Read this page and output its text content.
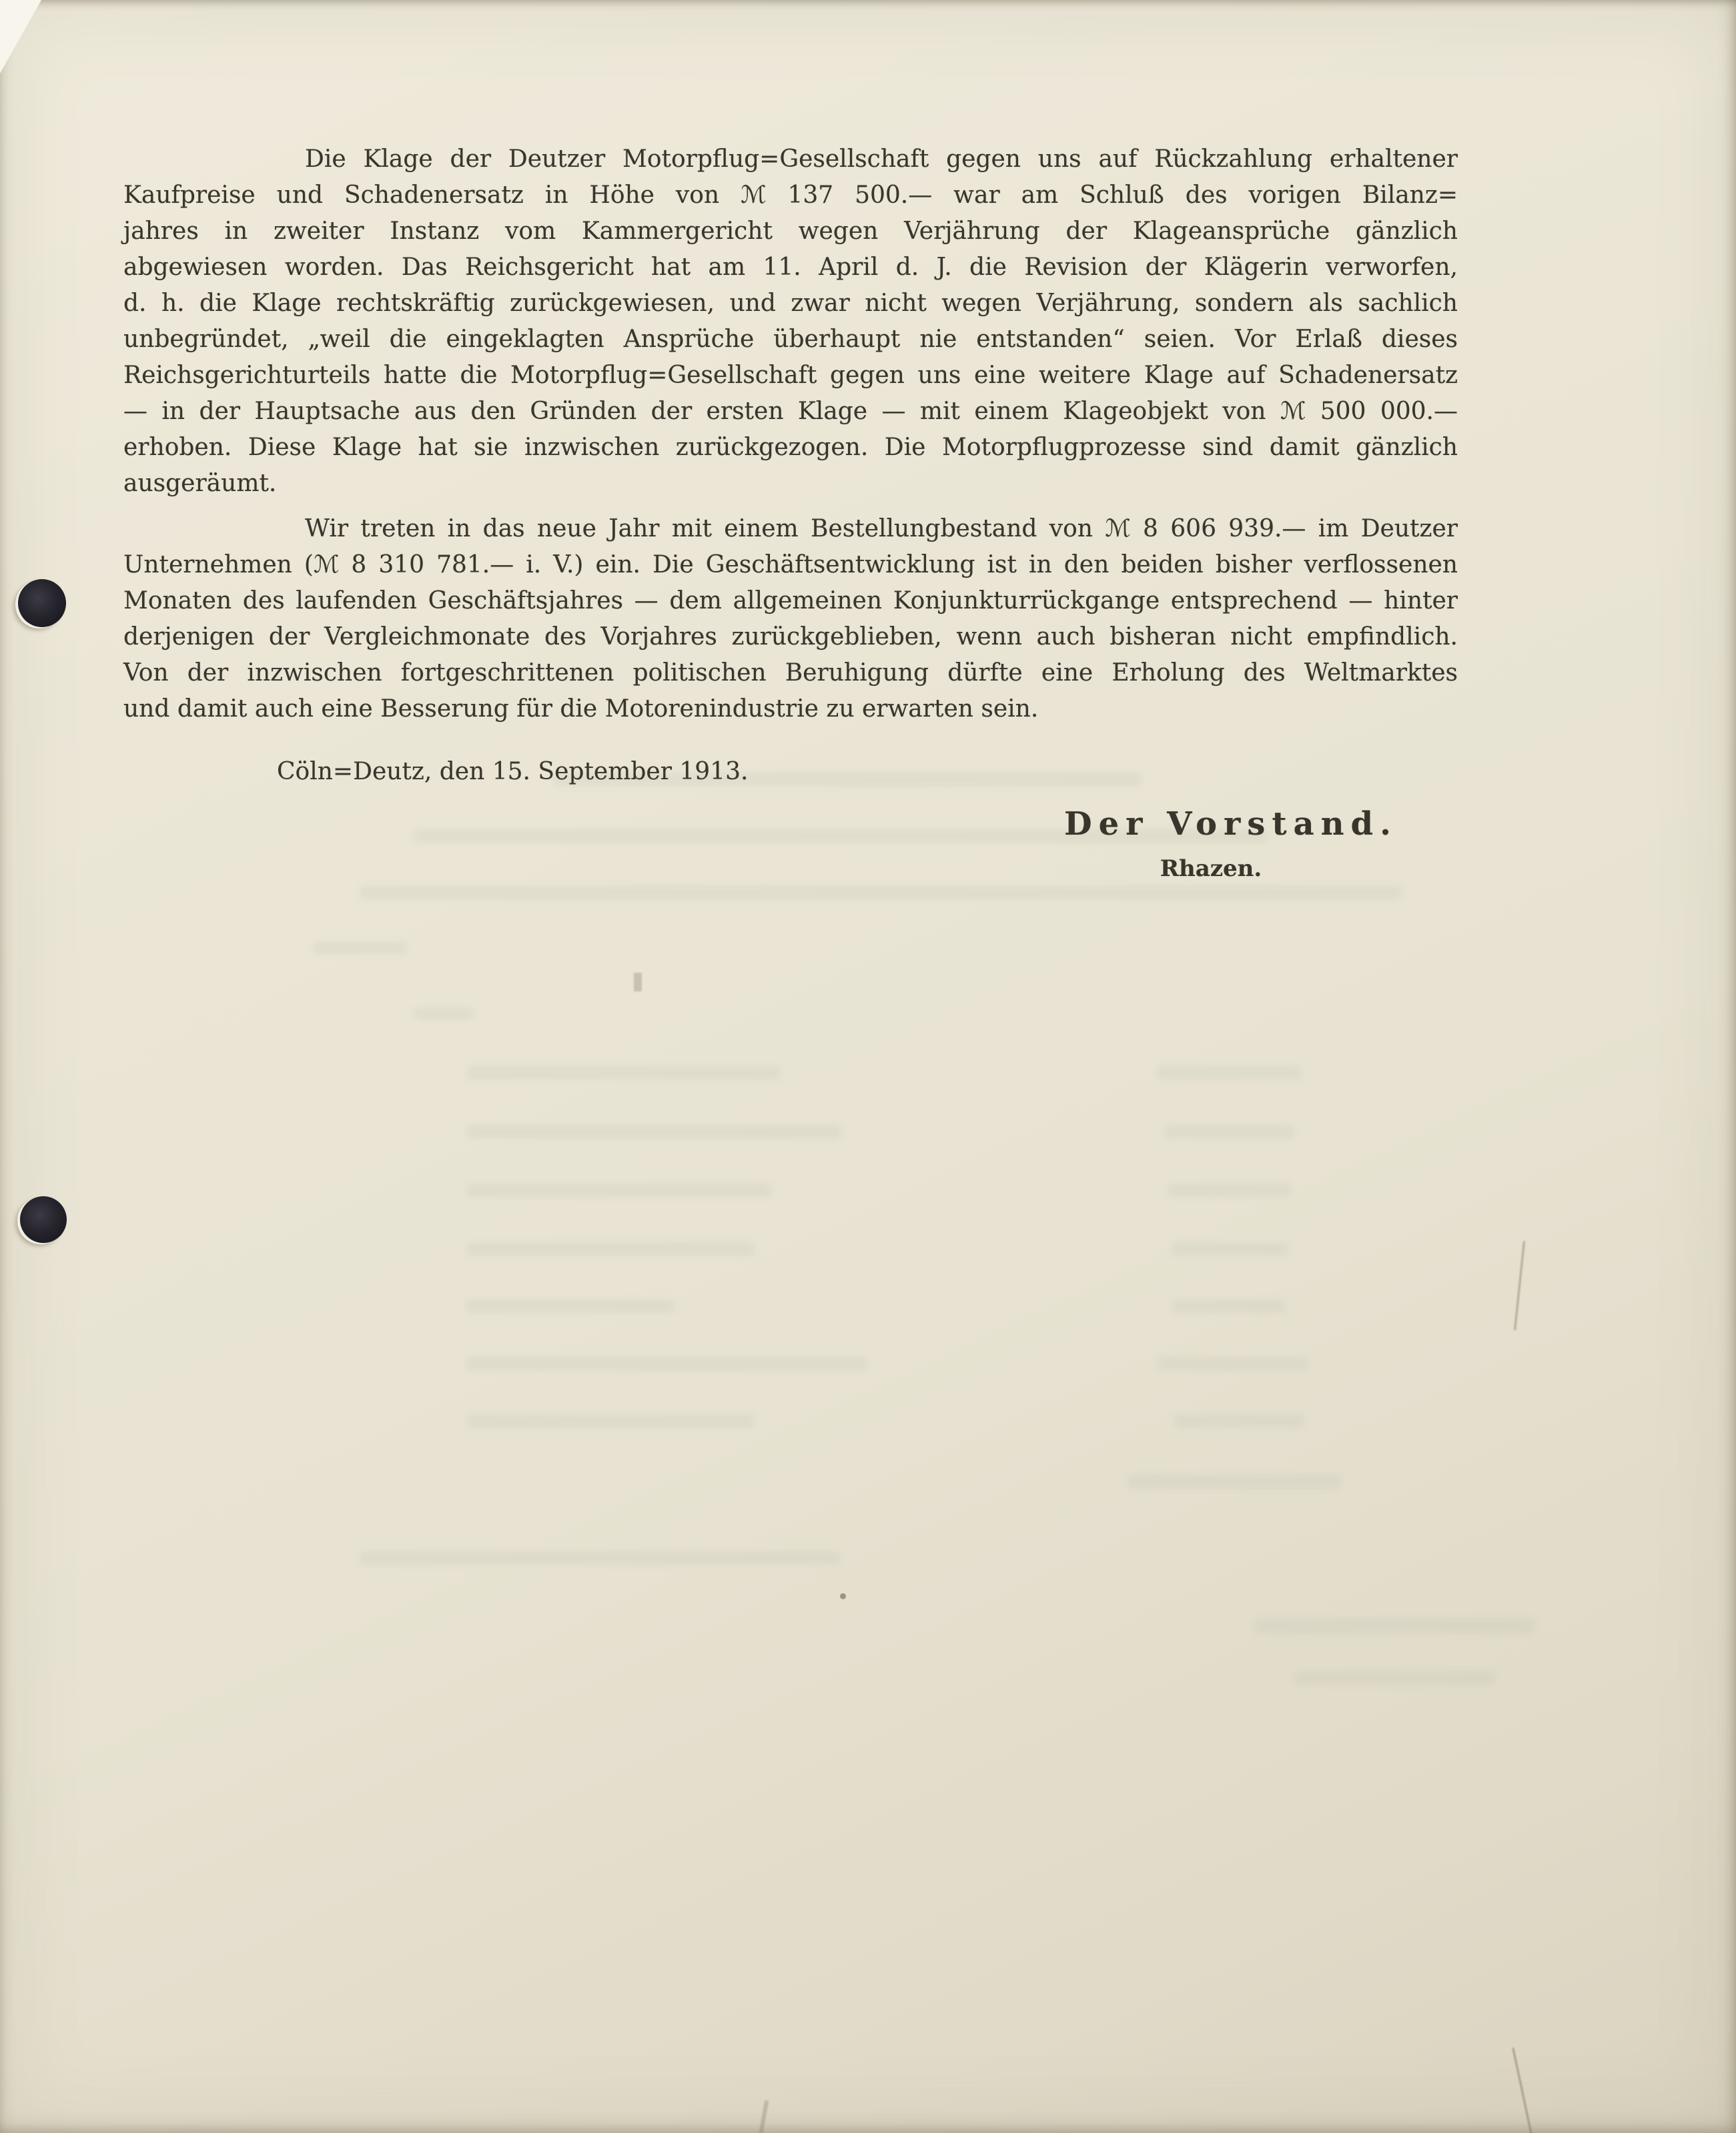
Die Klage der Deutzer Motorpflug=Gesellschaft gegen uns auf Rückzahlung erhaltener
Kaufpreise und Schadenersatz in Höhe von ℳ 137 500.— war am Schluß des vorigen Bilanz=
jahres in zweiter Instanz vom Kammergericht wegen Verjährung der Klageansprüche gänzlich
abgewiesen worden. Das Reichsgericht hat am 11. April d. J. die Revision der Klägerin verworfen,
d. h. die Klage rechtskräftig zurückgewiesen, und zwar nicht wegen Verjährung, sondern als sachlich
unbegründet, „weil die eingeklagten Ansprüche überhaupt nie entstanden“ seien. Vor Erlaß dieses
Reichsgerichturteils hatte die Motorpflug=Gesellschaft gegen uns eine weitere Klage auf Schadenersatz
— in der Hauptsache aus den Gründen der ersten Klage — mit einem Klageobjekt von ℳ 500 000.—
erhoben. Diese Klage hat sie inzwischen zurückgezogen. Die Motorpflugprozesse sind damit gänzlich
ausgeräumt.
Wir treten in das neue Jahr mit einem Bestellungbestand von ℳ 8 606 939.— im Deutzer
Unternehmen (ℳ 8 310 781.— i. V.) ein. Die Geschäftsentwicklung ist in den beiden bisher verflossenen
Monaten des laufenden Geschäftsjahres — dem allgemeinen Konjunkturrückgange entsprechend — hinter
derjenigen der Vergleichmonate des Vorjahres zurückgeblieben, wenn auch bisheran nicht empfindlich.
Von der inzwischen fortgeschrittenen politischen Beruhigung dürfte eine Erholung des Weltmarktes
und damit auch eine Besserung für die Motorenindustrie zu erwarten sein.
Cöln=Deutz, den 15. September 1913.
Der Vorstand.
Rhazen.
